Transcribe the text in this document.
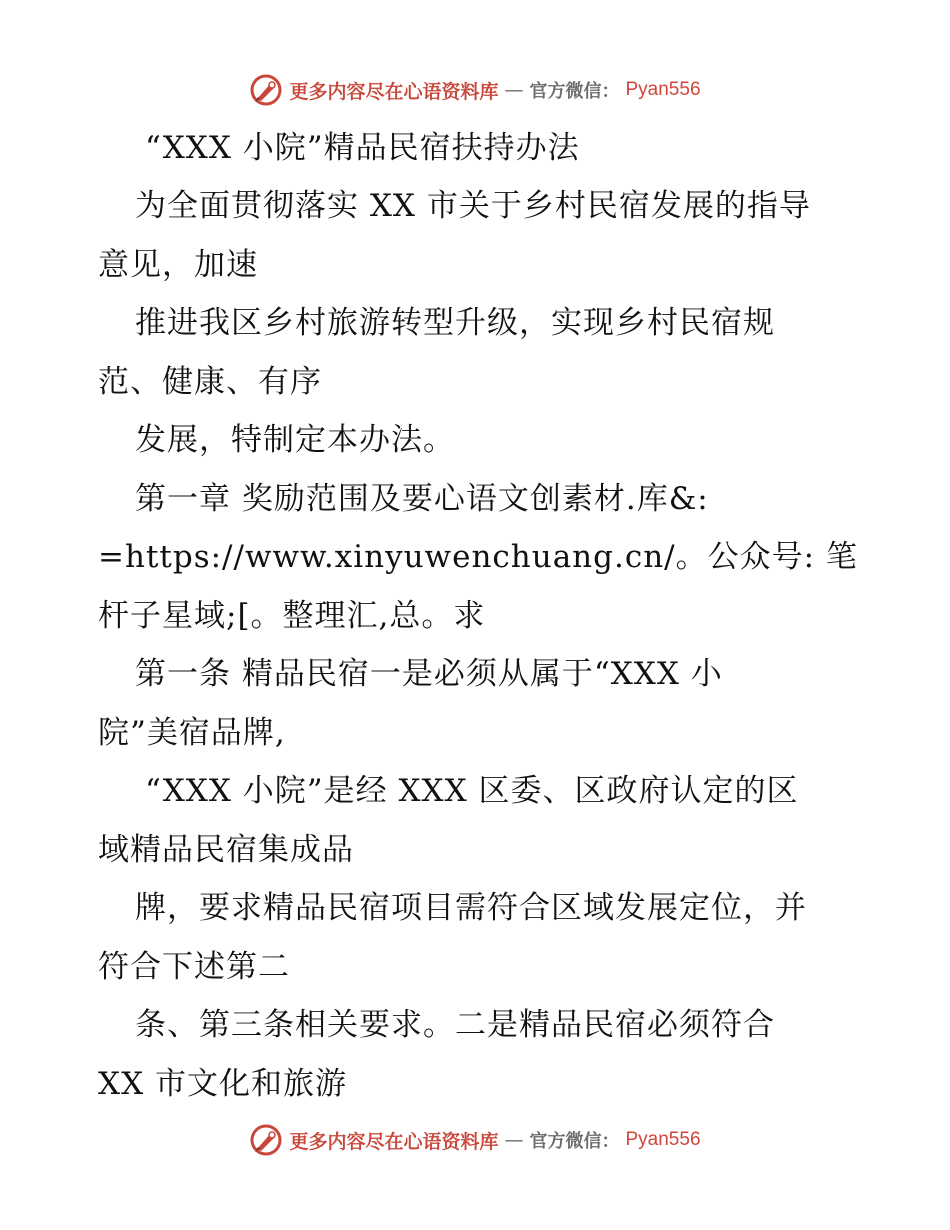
更多内容尽在心语资料库 — 官方微信： Pyan556
“XXX 小院”精品民宿扶持办法
为全面贯彻落实 XX 市关于乡村民宿发展的指导
意见，加速
推进我区乡村旅游转型升级，实现乡村民宿规
范、健康、有序
发展，特制定本办法。
第一章 奖励范围及要心语文创素材.库&:
=https://www.xinyuwenchuang.cn/。公众号: 笔
杆子星域;[。整理汇,总。求
第一条 精品民宿一是必须从属于“XXX 小
院”美宿品牌,
“XXX 小院”是经 XXX 区委、区政府认定的区
域精品民宿集成品
牌，要求精品民宿项目需符合区域发展定位，并
符合下述第二
条、第三条相关要求。二是精品民宿必须符合
XX 市文化和旅游
更多内容尽在心语资料库 — 官方微信： Pyan556
